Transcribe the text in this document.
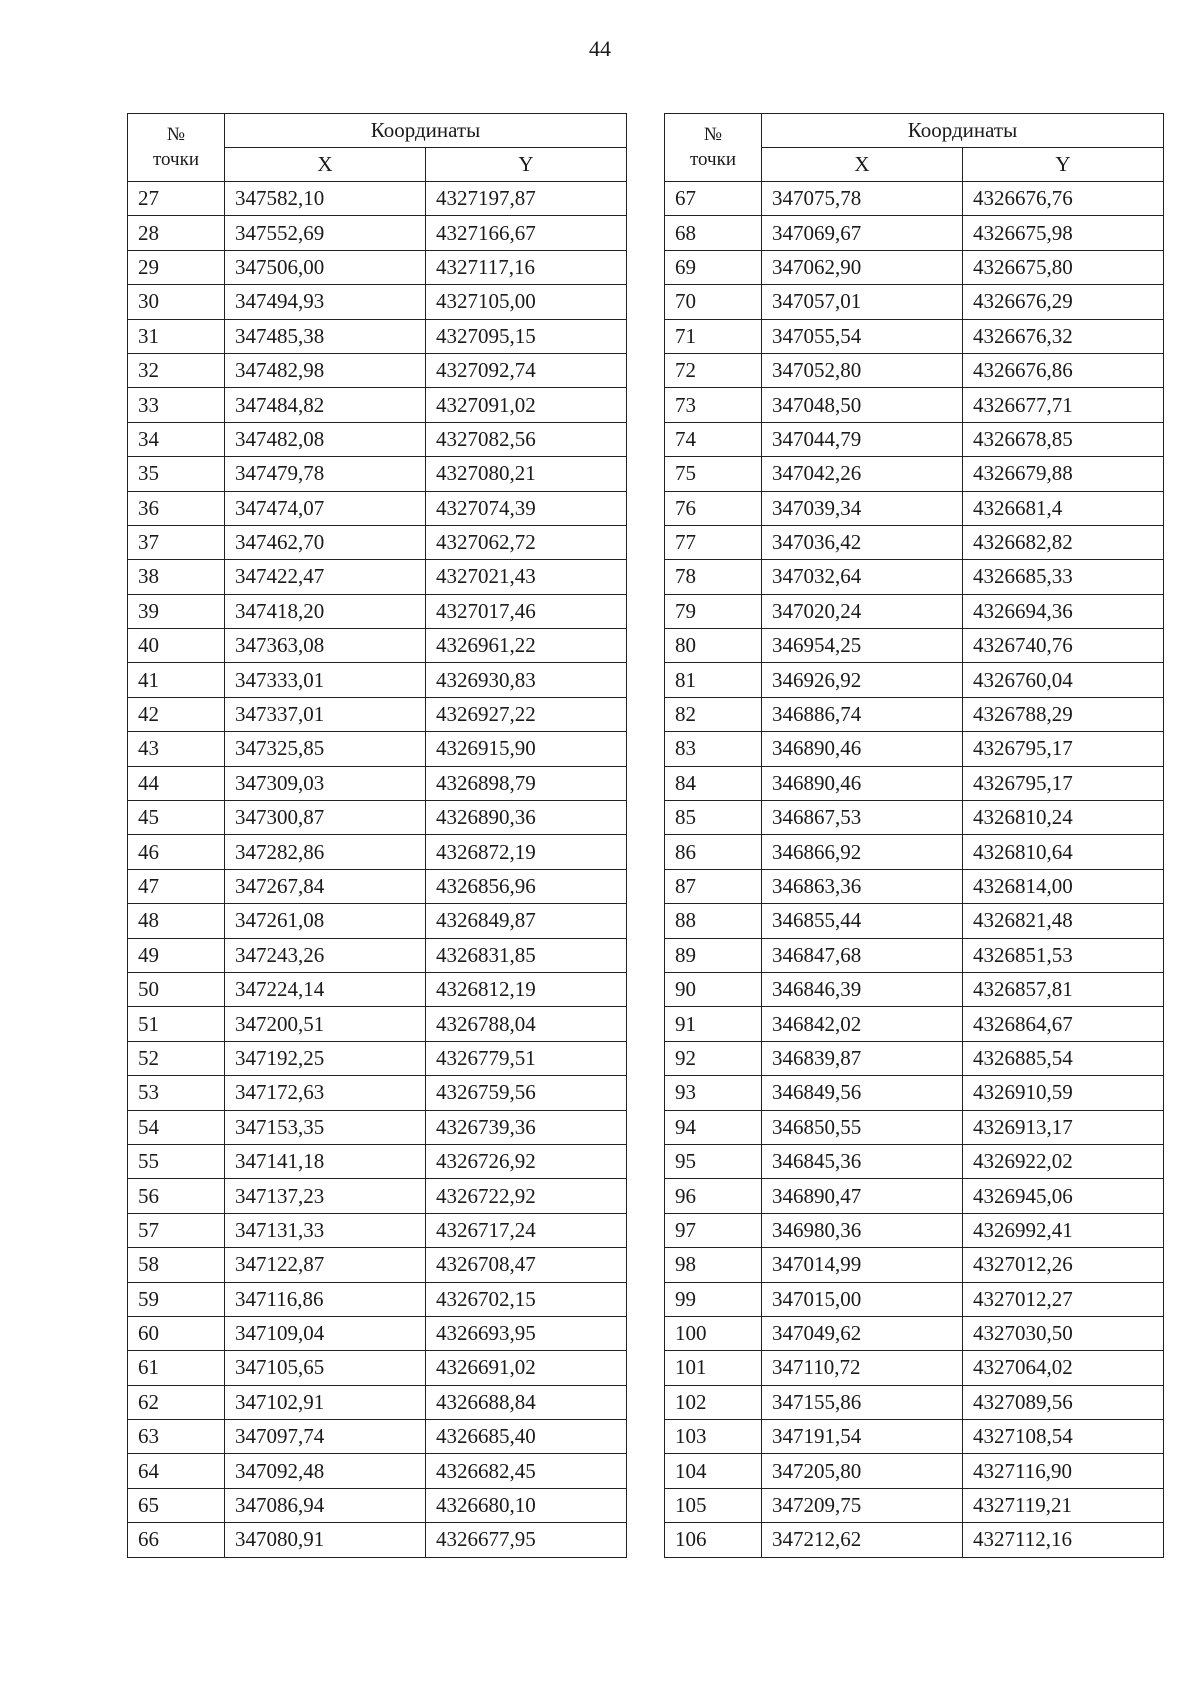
44
№
точки	Координаты	
	X	Y
27	347582,10	4327197,87
28	347552,69	4327166,67
29	347506,00	4327117,16
30	347494,93	4327105,00
31	347485,38	4327095,15
32	347482,98	4327092,74
33	347484,82	4327091,02
34	347482,08	4327082,56
35	347479,78	4327080,21
36	347474,07	4327074,39
37	347462,70	4327062,72
38	347422,47	4327021,43
39	347418,20	4327017,46
40	347363,08	4326961,22
41	347333,01	4326930,83
42	347337,01	4326927,22
43	347325,85	4326915,90
44	347309,03	4326898,79
45	347300,87	4326890,36
46	347282,86	4326872,19
47	347267,84	4326856,96
48	347261,08	4326849,87
49	347243,26	4326831,85
50	347224,14	4326812,19
51	347200,51	4326788,04
52	347192,25	4326779,51
53	347172,63	4326759,56
54	347153,35	4326739,36
55	347141,18	4326726,92
56	347137,23	4326722,92
57	347131,33	4326717,24
58	347122,87	4326708,47
59	347116,86	4326702,15
60	347109,04	4326693,95
61	347105,65	4326691,02
62	347102,91	4326688,84
63	347097,74	4326685,40
64	347092,48	4326682,45
65	347086,94	4326680,10
66	347080,91	4326677,95
№
точки	Координаты	
	X	Y
67	347075,78	4326676,76
68	347069,67	4326675,98
69	347062,90	4326675,80
70	347057,01	4326676,29
71	347055,54	4326676,32
72	347052,80	4326676,86
73	347048,50	4326677,71
74	347044,79	4326678,85
75	347042,26	4326679,88
76	347039,34	4326681,4
77	347036,42	4326682,82
78	347032,64	4326685,33
79	347020,24	4326694,36
80	346954,25	4326740,76
81	346926,92	4326760,04
82	346886,74	4326788,29
83	346890,46	4326795,17
84	346890,46	4326795,17
85	346867,53	4326810,24
86	346866,92	4326810,64
87	346863,36	4326814,00
88	346855,44	4326821,48
89	346847,68	4326851,53
90	346846,39	4326857,81
91	346842,02	4326864,67
92	346839,87	4326885,54
93	346849,56	4326910,59
94	346850,55	4326913,17
95	346845,36	4326922,02
96	346890,47	4326945,06
97	346980,36	4326992,41
98	347014,99	4327012,26
99	347015,00	4327012,27
100	347049,62	4327030,50
101	347110,72	4327064,02
102	347155,86	4327089,56
103	347191,54	4327108,54
104	347205,80	4327116,90
105	347209,75	4327119,21
106	347212,62	4327112,16
